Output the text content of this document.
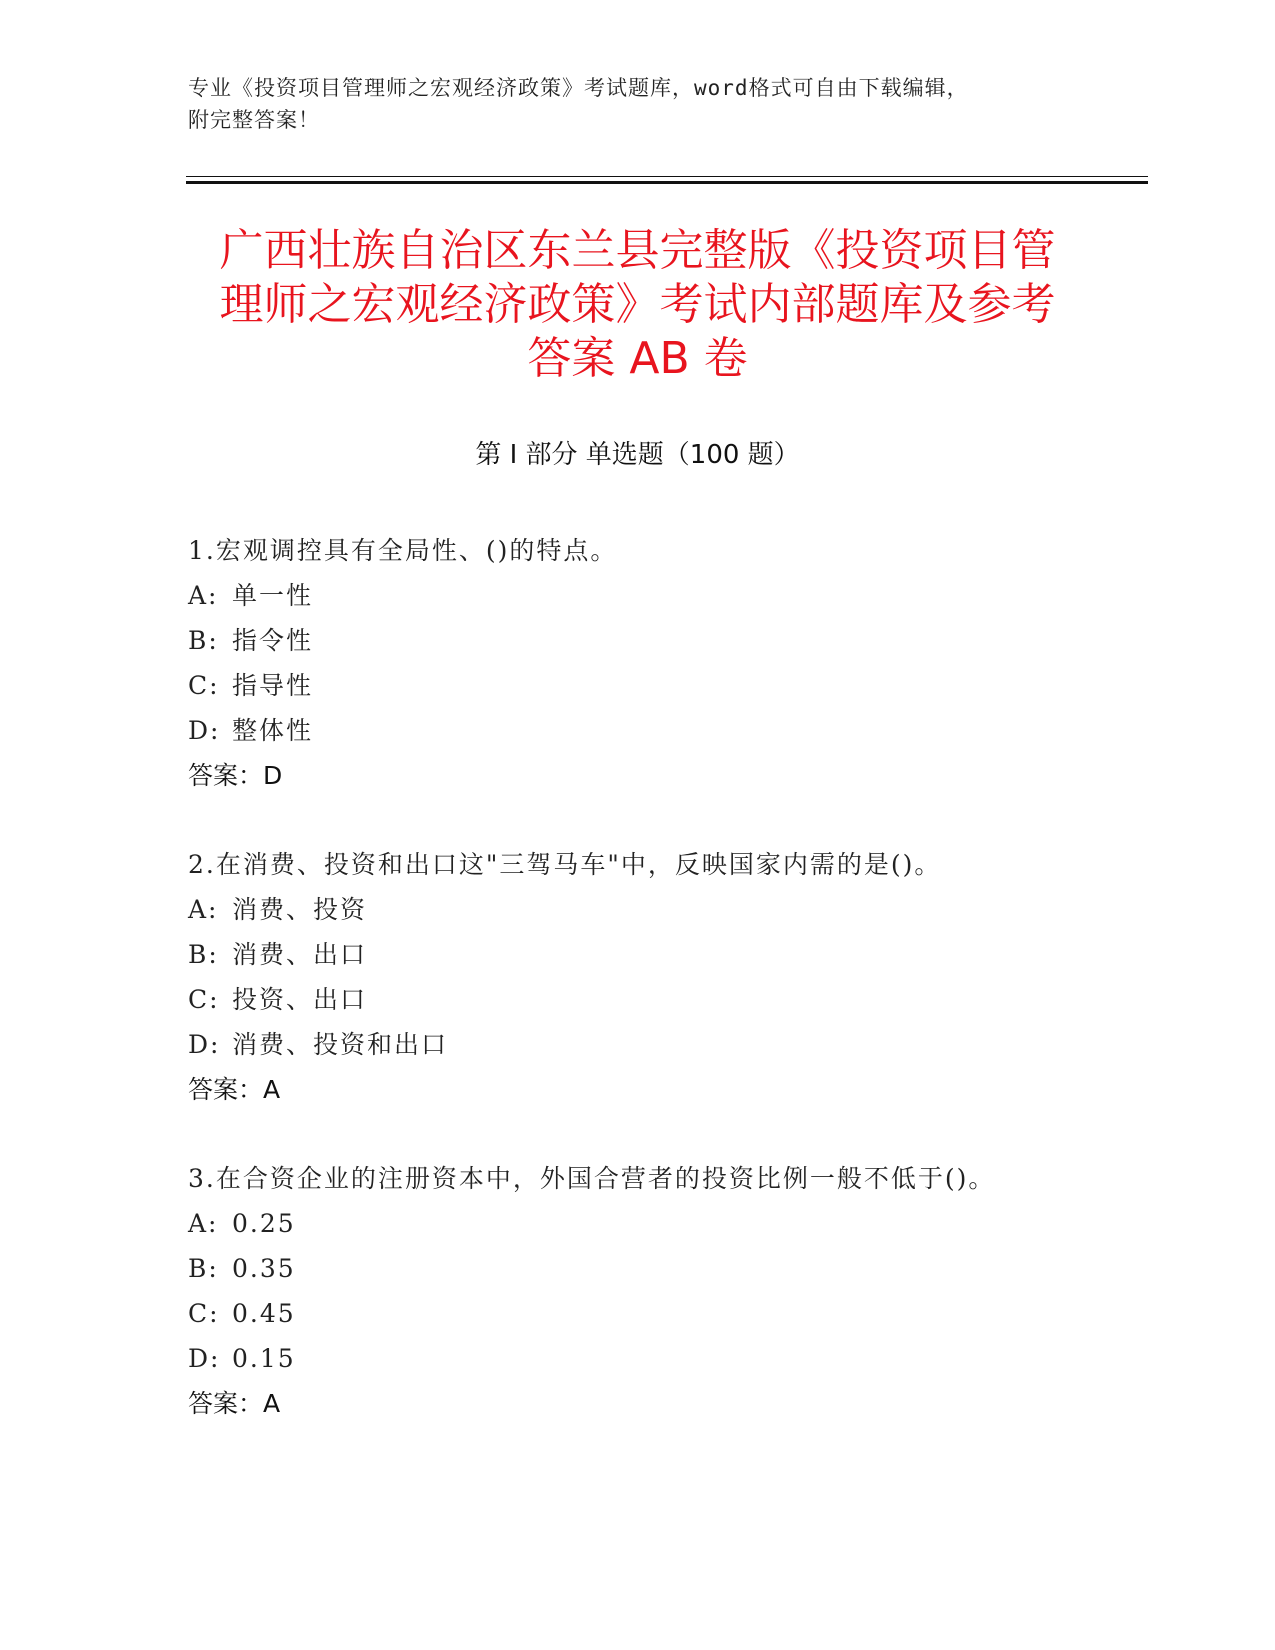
专业《投资项目管理师之宏观经济政策》考试题库，word格式可自由下载编辑，
附完整答案！
广西壮族自治区东兰县完整版《投资项目管
理师之宏观经济政策》考试内部题库及参考
答案 AB 卷
第 I 部分 单选题（100 题）
1.宏观调控具有全局性、()的特点。
A: 单一性
B: 指令性
C: 指导性
D: 整体性
答案：D
2.在消费、投资和出口这"三驾马车"中，反映国家内需的是()。
A: 消费、投资
B: 消费、出口
C: 投资、出口
D: 消费、投资和出口
答案：A
3.在合资企业的注册资本中，外国合营者的投资比例一般不低于()。
A: 0.25
B: 0.35
C: 0.45
D: 0.15
答案：A
